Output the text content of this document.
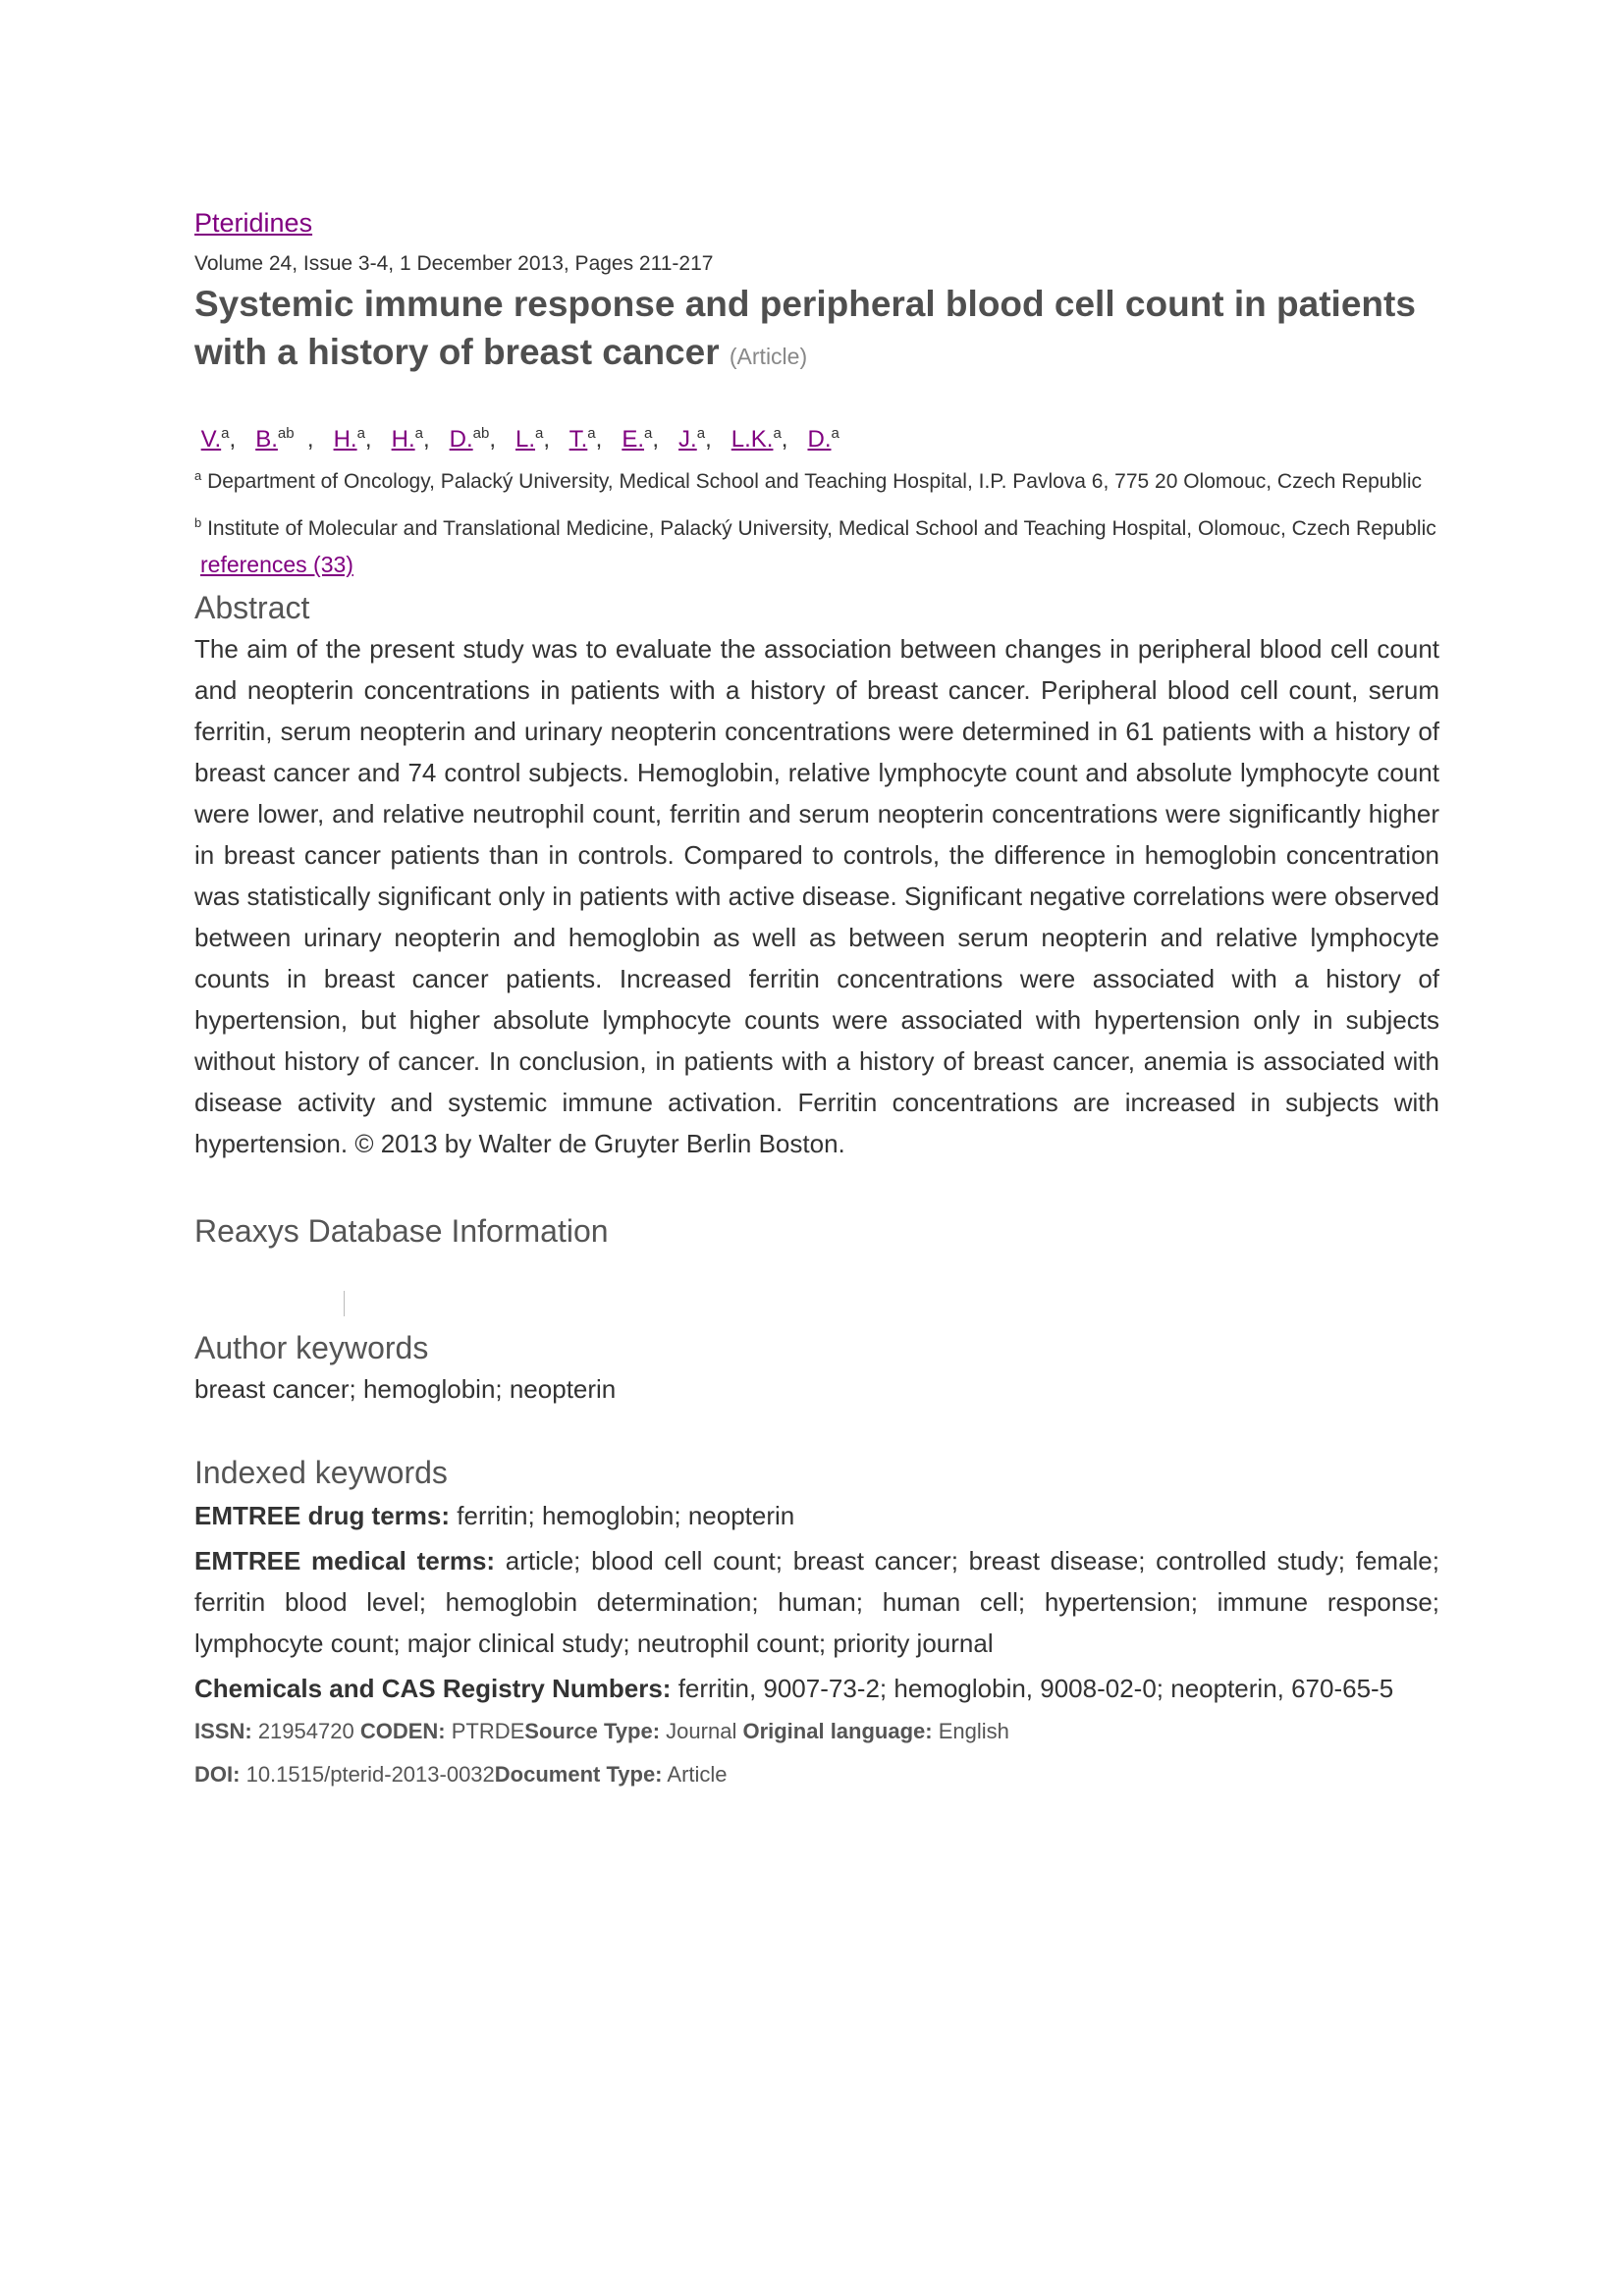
Pteridines
Volume 24, Issue 3-4, 1 December 2013, Pages 211-217
Systemic immune response and peripheral blood cell count in patients with a history of breast cancer (Article)
V.$^a$,   B.$^{ab}$  ,   H.$^a$,   H.$^a$,   D.$^{ab}$,   L.$^a$,   T.$^a$,   E.$^a$,   J.$^a$,   L.K.$^a$,   D.$^a$
$^a$ Department of Oncology, Palacký University, Medical School and Teaching Hospital, I.P. Pavlova 6, 775 20 Olomouc, Czech Republic
$^b$ Institute of Molecular and Translational Medicine, Palacký University, Medical School and Teaching Hospital, Olomouc, Czech Republic
references (33)
Abstract
The aim of the present study was to evaluate the association between changes in peripheral blood cell count and neopterin concentrations in patients with a history of breast cancer. Peripheral blood cell count, serum ferritin, serum neopterin and urinary neopterin concentrations were determined in 61 patients with a history of breast cancer and 74 control subjects. Hemoglobin, relative lymphocyte count and absolute lymphocyte count were lower, and relative neutrophil count, ferritin and serum neopterin concentrations were significantly higher in breast cancer patients than in controls. Compared to controls, the difference in hemoglobin concentration was statistically significant only in patients with active disease. Significant negative correlations were observed between urinary neopterin and hemoglobin as well as between serum neopterin and relative lymphocyte counts in breast cancer patients. Increased ferritin concentrations were associated with a history of hypertension, but higher absolute lymphocyte counts were associated with hypertension only in subjects without history of cancer. In conclusion, in patients with a history of breast cancer, anemia is associated with disease activity and systemic immune activation. Ferritin concentrations are increased in subjects with hypertension. © 2013 by Walter de Gruyter Berlin Boston.
Reaxys Database Information
Author keywords
breast cancer; hemoglobin; neopterin
Indexed keywords
EMTREE drug terms: ferritin; hemoglobin; neopterin
EMTREE medical terms: article; blood cell count; breast cancer; breast disease; controlled study; female; ferritin blood level; hemoglobin determination; human; human cell; hypertension; immune response; lymphocyte count; major clinical study; neutrophil count; priority journal
Chemicals and CAS Registry Numbers: ferritin, 9007-73-2; hemoglobin, 9008-02-0; neopterin, 670-65-5
ISSN: 21954720 CODEN: PTRDESource Type: Journal Original language: English
DOI: 10.1515/pterid-2013-0032Document Type: Article
